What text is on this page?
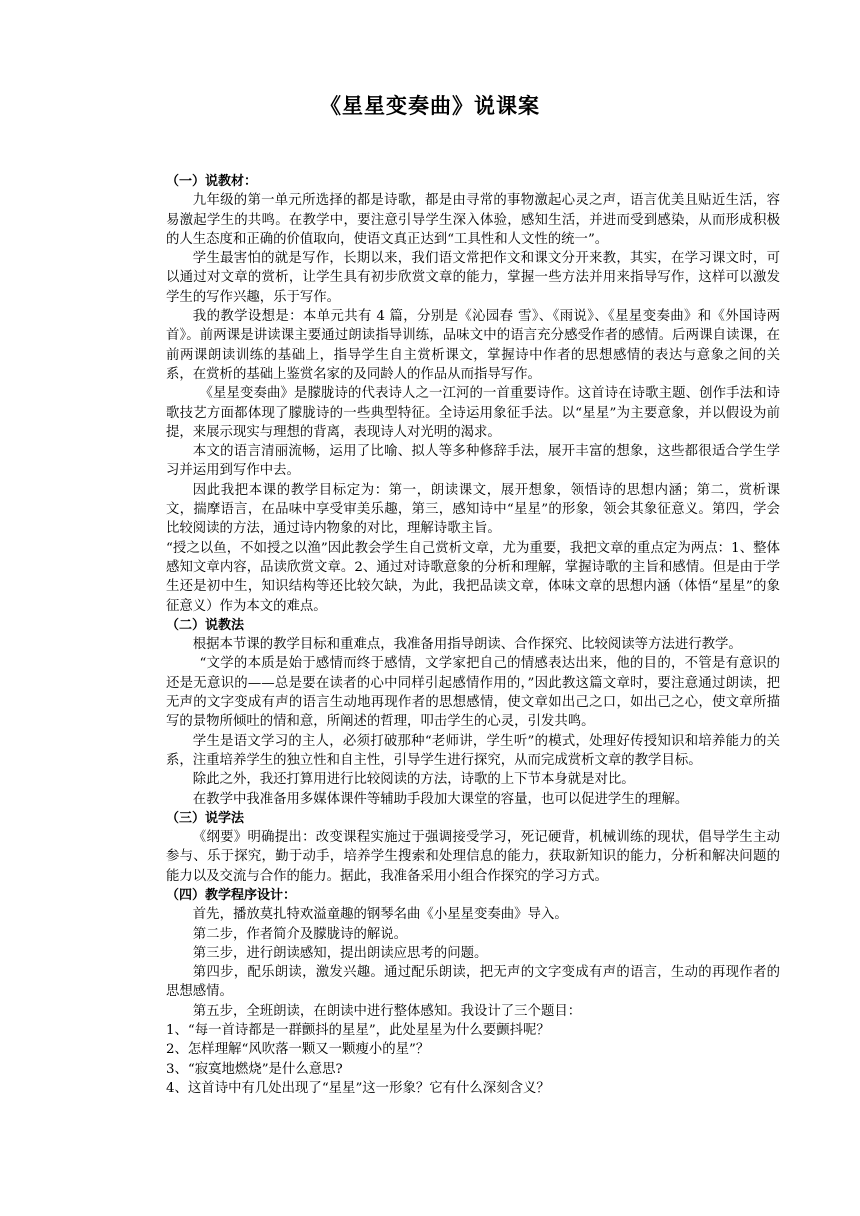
《星星变奏曲》说课案

（一）说教材：

九年级的第一单元所选择的都是诗歌，都是由寻常的事物激起心灵之声，语言优美且贴近生活，容易激起学生的共鸣。在教学中，要注意引导学生深入体验，感知生活，并进而受到感染，从而形成积极的人生态度和正确的价值取向，使语文真正达到“工具性和人文性的统一”。

学生最害怕的就是写作，长期以来，我们语文常把作文和课文分开来教，其实，在学习课文时，可以通过对文章的赏析，让学生具有初步欣赏文章的能力，掌握一些方法并用来指导写作，这样可以激发学生的写作兴趣，乐于写作。

我的教学设想是：本单元共有 4 篇，分别是《沁园春 雪》、《雨说》、《星星变奏曲》和《外国诗两首》。前两课是讲读课主要通过朗读指导训练，品味文中的语言充分感受作者的感情。后两课自读课，在前两课朗读训练的基础上，指导学生自主赏析课文，掌握诗中作者的思想感情的表达与意象之间的关系，在赏析的基础上鉴赏名家的及同龄人的作品从而指导写作。

《星星变奏曲》是朦胧诗的代表诗人之一江河的一首重要诗作。这首诗在诗歌主题、创作手法和诗歌技艺方面都体现了朦胧诗的一些典型特征。全诗运用象征手法。以“星星”为主要意象，并以假设为前提，来展示现实与理想的背离，表现诗人对光明的渴求。

本文的语言清丽流畅，运用了比喻、拟人等多种修辞手法，展开丰富的想象，这些都很适合学生学习并运用到写作中去。

因此我把本课的教学目标定为：第一，朗读课文，展开想象，领悟诗的思想内涵；第二，赏析课文，揣摩语言，在品味中享受审美乐趣，第三，感知诗中“星星”的形象，领会其象征意义。第四，学会比较阅读的方法，通过诗内物象的对比，理解诗歌主旨。

“授之以鱼，不如授之以渔”因此教会学生自己赏析文章，尤为重要，我把文章的重点定为两点：1、整体感知文章内容，品读欣赏文章。2、通过对诗歌意象的分析和理解，掌握诗歌的主旨和感情。但是由于学生还是初中生，知识结构等还比较欠缺，为此，我把品读文章，体味文章的思想内涵（体悟“星星”的象征意义）作为本文的难点。

（二）说教法

根据本节课的教学目标和重难点，我准备用指导朗读、合作探究、比较阅读等方法进行教学。

“文学的本质是始于感情而终于感情，文学家把自己的情感表达出来，他的目的，不管是有意识的还是无意识的——总是要在读者的心中同样引起感情作用的，”因此教这篇文章时，要注意通过朗读，把无声的文字变成有声的语言生动地再现作者的思想感情，使文章如出己之口，如出己之心，使文章所描写的景物所倾吐的情和意，所阐述的哲理，叩击学生的心灵，引发共鸣。

学生是语文学习的主人，必须打破那种“老师讲，学生听”的模式，处理好传授知识和培养能力的关系，注重培养学生的独立性和自主性，引导学生进行探究，从而完成赏析文章的教学目标。

除此之外，我还打算用进行比较阅读的方法，诗歌的上下节本身就是对比。

在教学中我准备用多媒体课件等辅助手段加大课堂的容量，也可以促进学生的理解。

（三）说学法

《纲要》明确提出：改变课程实施过于强调接受学习，死记硬背，机械训练的现状，倡导学生主动参与、乐于探究，勤于动手，培养学生搜索和处理信息的能力，获取新知识的能力，分析和解决问题的能力以及交流与合作的能力。据此，我准备采用小组合作探究的学习方式。

（四）教学程序设计：

首先，播放莫扎特欢溢童趣的钢琴名曲《小星星变奏曲》导入。

第二步，作者简介及朦胧诗的解说。

第三步，进行朗读感知，提出朗读应思考的问题。

第四步，配乐朗读，激发兴趣。通过配乐朗读，把无声的文字变成有声的语言，生动的再现作者的思想感情。

第五步，全班朗读，在朗读中进行整体感知。我设计了三个题目：

1、“每一首诗都是一群颤抖的星星”，此处星星为什么要颤抖呢？

2、怎样理解“风吹落一颗又一颗瘦小的星”？

3、“寂寞地燃烧”是什么意思?

4、这首诗中有几处出现了“星星”这一形象？它有什么深刻含义？
